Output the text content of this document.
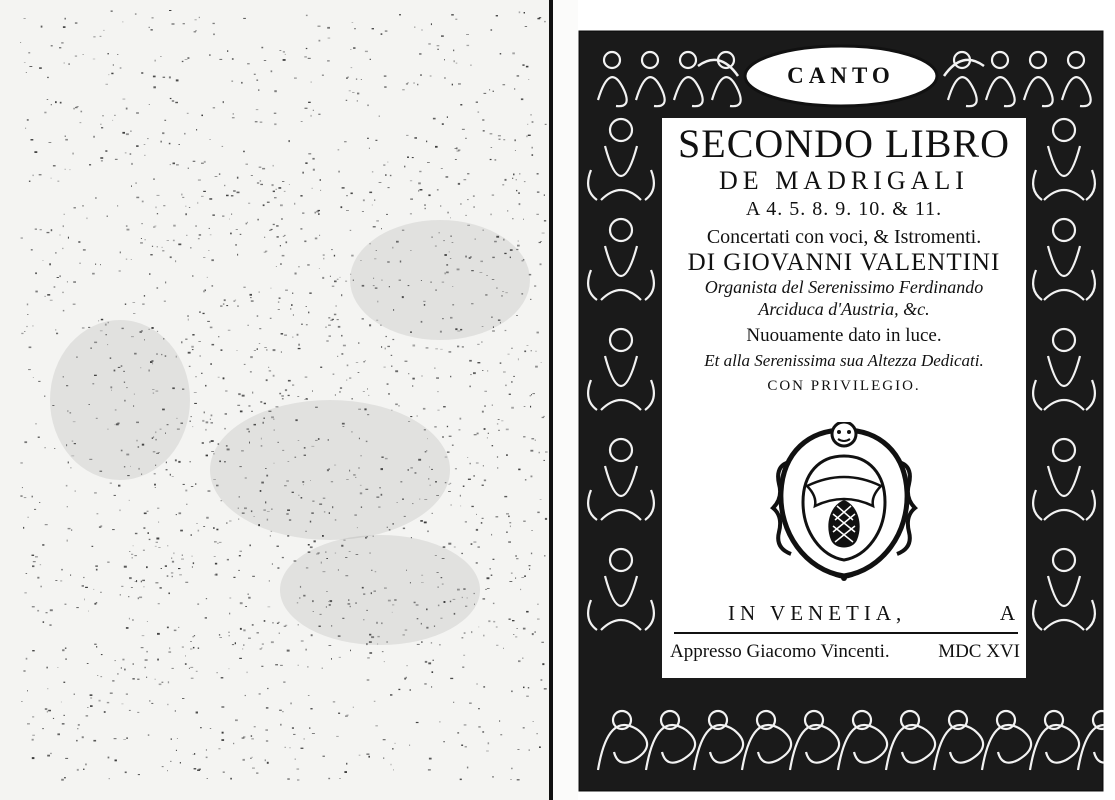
CANTO
SECONDO LIBRO
DE MADRIGALI
A 4. 5. 8. 9. 10. & 11.
Concertati con voci, & Istromenti.
DI GIOVANNI VALENTINI
Organista del Serenissimo Ferdinando
Arciduca d'Austria, &c.
Nuouamente dato in luce.
Et alla Serenissima sua Altezza Dedicati.
CON PRIVILEGIO.
IN VENETIA,	A
Appresso Giacomo Vincenti.	MDC XVI
